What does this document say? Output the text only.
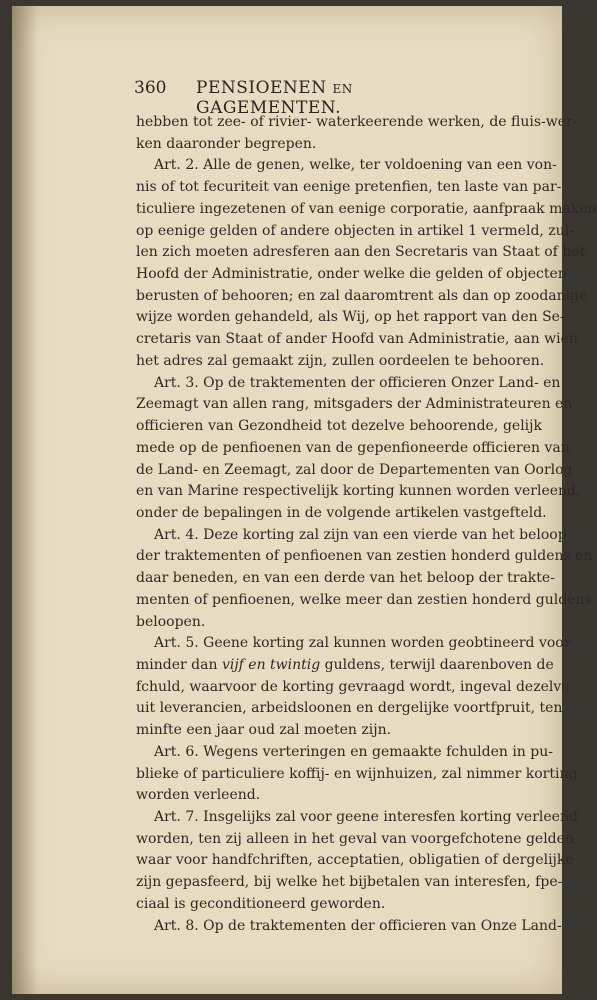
360 PENSIOENEN EN GAGEMENTEN.
hebben tot zee- of rivier- waterkeerende werken, de fluis-wer-
ken daaronder begrepen.
Art. 2. Alle de genen, welke, ter voldoening van een von-
nis of tot fecuriteit van eenige pretenfien, ten laste van par-
ticuliere ingezetenen of van eenige corporatie, aanfpraak maken
op eenige gelden of andere objecten in artikel 1 vermeld, zul-
len zich moeten adresferen aan den Secretaris van Staat of het
Hoofd der Administratie, onder welke die gelden of objecten
berusten of behooren; en zal daaromtrent als dan op zoodanige
wijze worden gehandeld, als Wij, op het rapport van den Se-
cretaris van Staat of ander Hoofd van Administratie, aan wien
het adres zal gemaakt zijn, zullen oordeelen te behooren.
Art. 3. Op de traktementen der officieren Onzer Land- en
Zeemagt van allen rang, mitsgaders der Administrateuren en
officieren van Gezondheid tot dezelve behoorende, gelijk
mede op de penfioenen van de gepenfioneerde officieren van
de Land- en Zeemagt, zal door de Departementen van Oorlog
en van Marine respectivelijk korting kunnen worden verleend,
onder de bepalingen in de volgende artikelen vastgefteld.
Art. 4. Deze korting zal zijn van een vierde van het beloop
der traktementen of penfioenen van zestien honderd guldens en
daar beneden, en van een derde van het beloop der trakte-
menten of penfioenen, welke meer dan zestien honderd guldens
beloopen.
Art. 5. Geene korting zal kunnen worden geobtineerd voor
minder dan vijf en twintig guldens, terwijl daarenboven de
fchuld, waarvoor de korting gevraagd wordt, ingeval dezelve
uit leverancien, arbeidsloonen en dergelijke voortfpruit, ten
minfte een jaar oud zal moeten zijn.
Art. 6. Wegens verteringen en gemaakte fchulden in pu-
blieke of particuliere koffij- en wijnhuizen, zal nimmer korting
worden verleend.
Art. 7. Insgelijks zal voor geene interesfen korting verleend
worden, ten zij alleen in het geval van voorgefchotene gelden,
waar voor handfchriften, acceptatien, obligatien of dergelijke
zijn gepasfeerd, bij welke het bijbetalen van interesfen, fpe-
ciaal is geconditioneerd geworden.
Art. 8. Op de traktementen der officieren van Onze Land-
